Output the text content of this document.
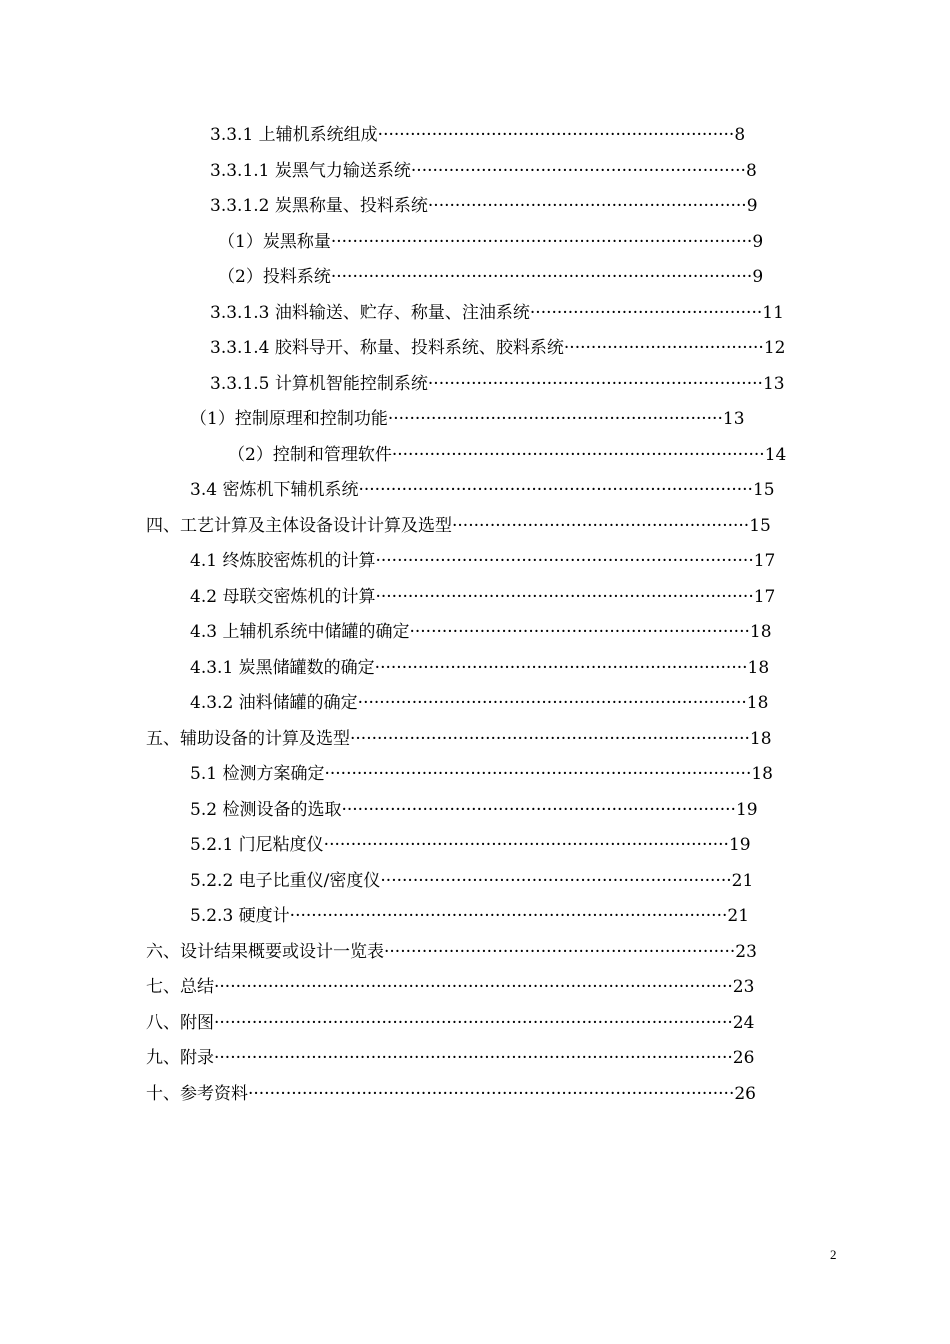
3.3.1 上辅机系统组成··································································8
3.3.1.1 炭黑气力输送系统······························································8
3.3.1.2 炭黑称量、投料系统···························································9
（1）炭黑称量··············································································9
（2）投料系统··············································································9
3.3.1.3 油料输送、贮存、称量、注油系统···········································11
3.3.1.4 胶料导开、称量、投料系统、胶料系统·····································12
3.3.1.5 计算机智能控制系统······························································13
（1）控制原理和控制功能······························································13
（2）控制和管理软件·····································································14
3.4 密炼机下辅机系统·········································································15
四、工艺计算及主体设备设计计算及选型·······················································15
4.1 终炼胶密炼机的计算······································································17
4.2 母联交密炼机的计算······································································17
4.3 上辅机系统中储罐的确定·······························································18
4.3.1 炭黑储罐数的确定·····································································18
4.3.2 油料储罐的确定········································································18
五、辅助设备的计算及选型··········································································18
5.1 检测方案确定···············································································18
5.2 检测设备的选取·········································································19
5.2.1 门尼粘度仪···········································································19
5.2.2 电子比重仪/密度仪·································································21
5.2.3 硬度计·················································································21
六、设计结果概要或设计一览表·································································23
七、总结································································································23
八、附图································································································24
九、附录································································································26
十、参考资料··························································································26
2
